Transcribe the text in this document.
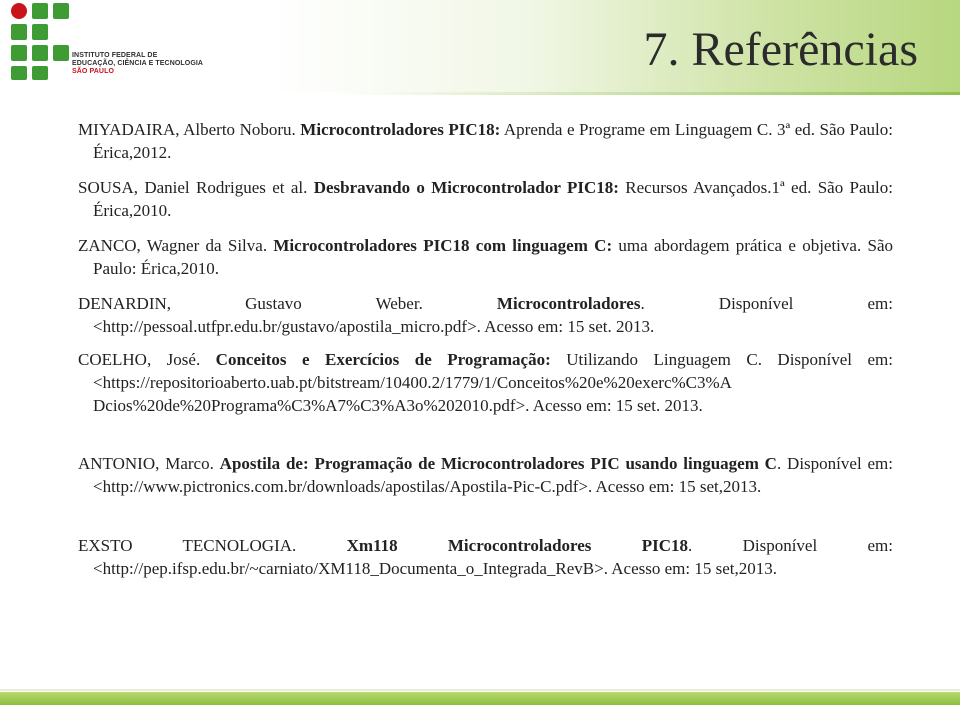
INSTITUTO FEDERAL DE
EDUCAÇÃO, CIÊNCIA E TECNOLOGIA
SÃO PAULO	7. Referências

MIYADAIRA, Alberto Noboru. Microcontroladores PIC18: Aprenda e Programe em Linguagem C. 3ª ed. São Paulo: Érica,2012.

SOUSA, Daniel Rodrigues et al. Desbravando o Microcontrolador PIC18: Recursos Avançados.1ª ed. São Paulo: Érica,2010.

ZANCO, Wagner da Silva. Microcontroladores PIC18 com linguagem C: uma abordagem prática e objetiva. São Paulo: Érica,2010.

DENARDIN, Gustavo Weber. Microcontroladores. Disponível em: <http://pessoal.utfpr.edu.br/gustavo/apostila_micro.pdf>. Acesso em: 15 set. 2013.

COELHO, José. Conceitos e Exercícios de Programação: Utilizando Linguagem C. Disponível em: <https://repositorioaberto.uab.pt/bitstream/10400.2/1779/1/Conceitos%20e%20exerc%C3%A Dcios%20de%20Programa%C3%A7%C3%A3o%202010.pdf>. Acesso em: 15 set. 2013.

ANTONIO, Marco. Apostila de: Programação de Microcontroladores PIC usando linguagem C. Disponível em: <http://www.pictronics.com.br/downloads/apostilas/Apostila-Pic-C.pdf>. Acesso em: 15 set,2013.

EXSTO TECNOLOGIA. Xm118 Microcontroladores PIC18. Disponível em: <http://pep.ifsp.edu.br/~carniato/XM118_Documenta_o_Integrada_RevB>. Acesso em: 15 set,2013.
